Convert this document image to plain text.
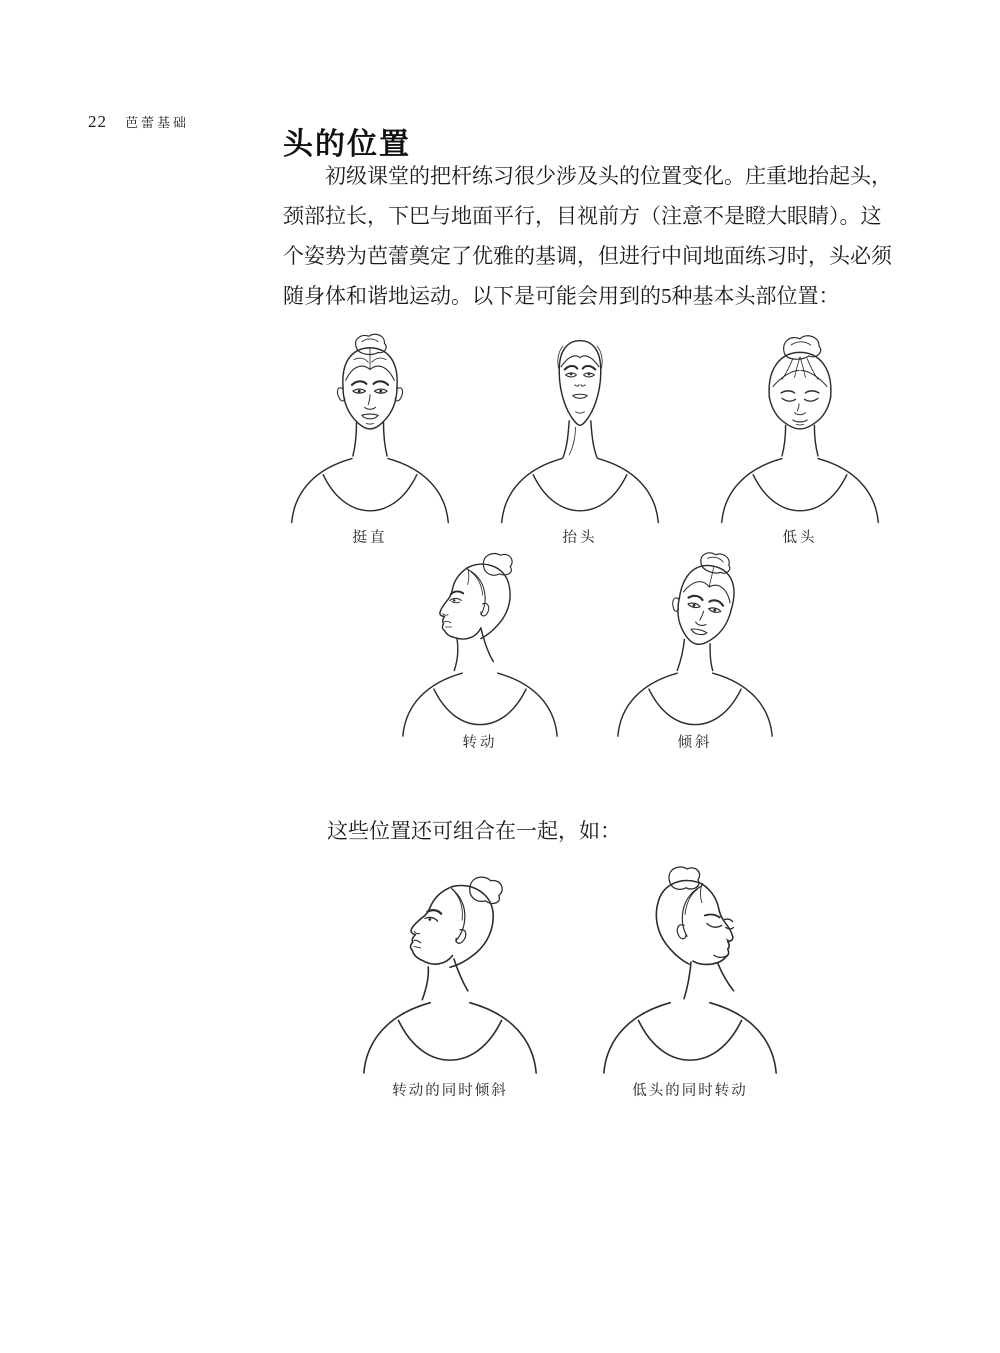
22 芭蕾基础
头的位置
初级课堂的把杆练习很少涉及头的位置变化。庄重地抬起头，
颈部拉长，下巴与地面平行，目视前方（注意不是瞪大眼睛）。这
个姿势为芭蕾奠定了优雅的基调，但进行中间地面练习时，头必须
随身体和谐地运动。以下是可能会用到的5种基本头部位置：
挺直	抬头	低头
转动	倾斜
这些位置还可组合在一起，如：
转动的同时倾斜	低头的同时转动
